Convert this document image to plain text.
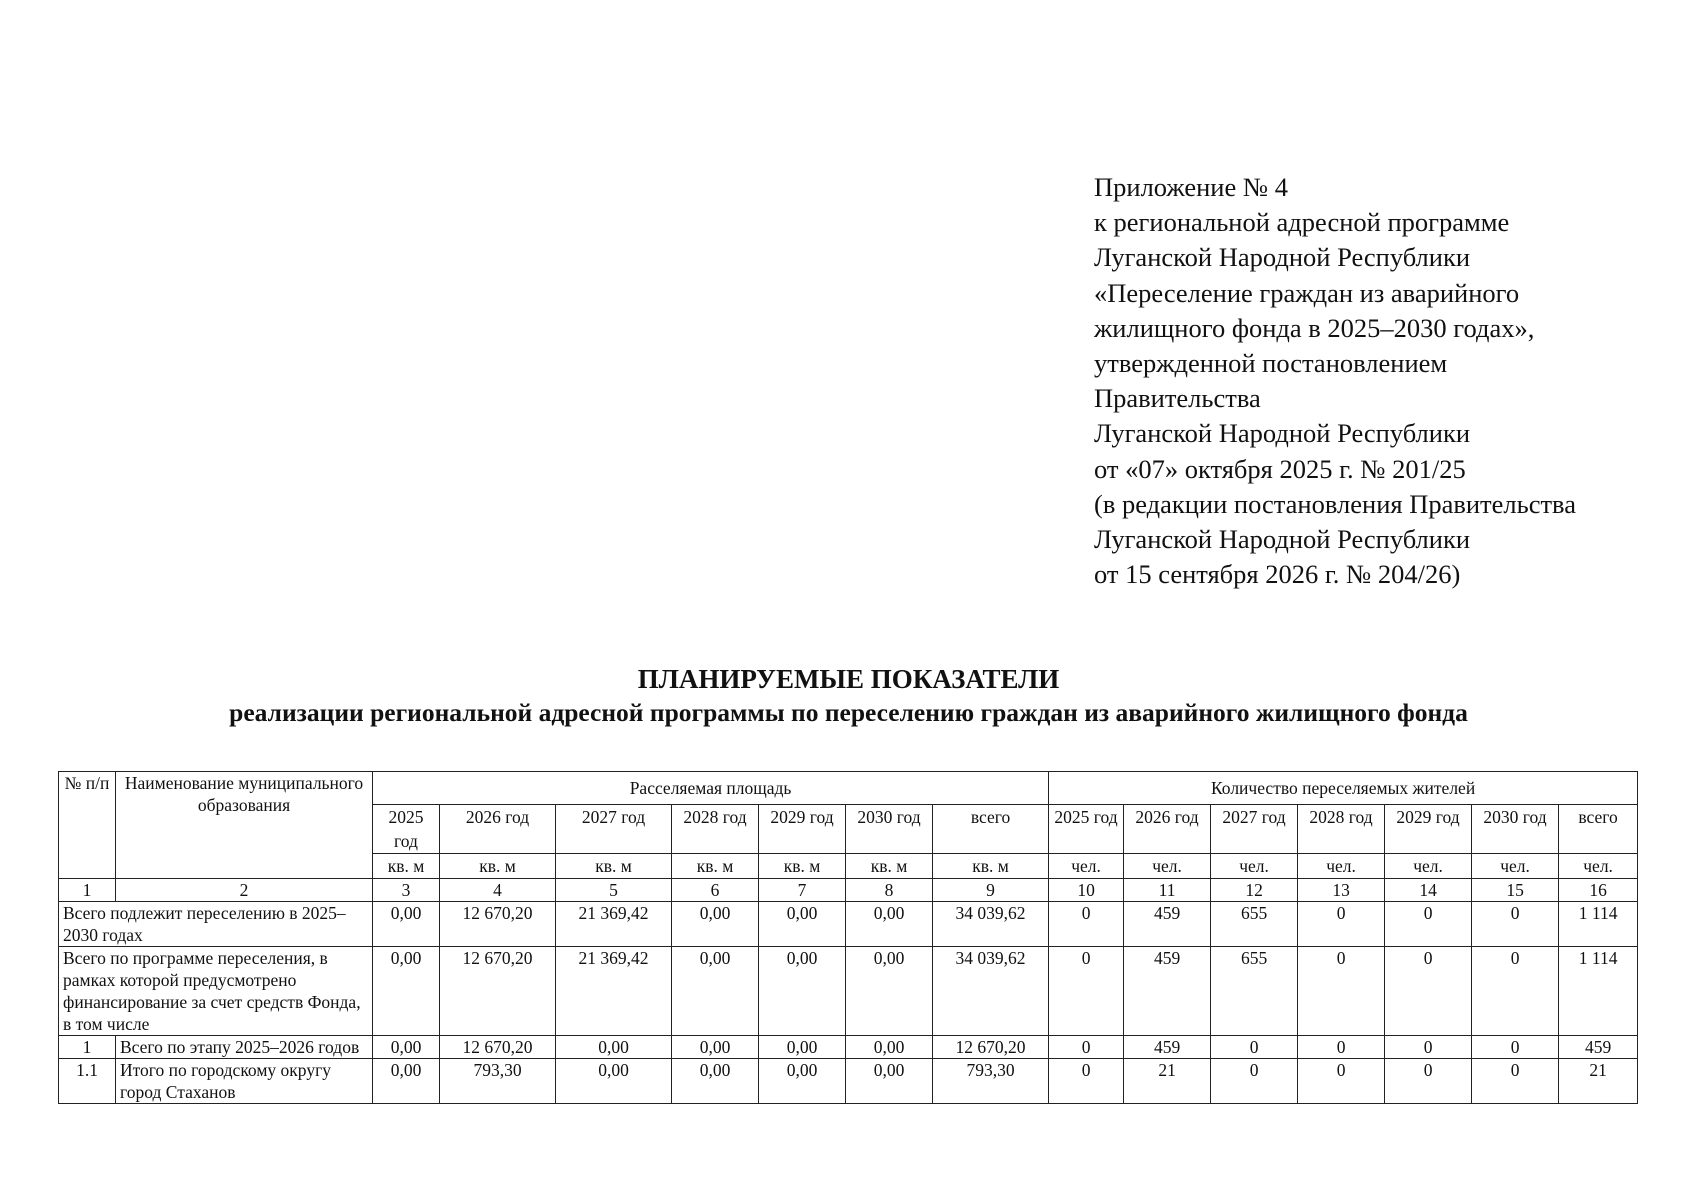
Приложение № 4
к региональной адресной программе
Луганской Народной Республики
«Переселение граждан из аварийного
жилищного фонда в 2025–2030 годах»,
утвержденной постановлением
Правительства
Луганской Народной Республики
от «07» октября 2025 г. № 201/25
(в редакции постановления Правительства
Луганской Народной Республики
от 15 сентября 2026 г. № 204/26)
ПЛАНИРУЕМЫЕ ПОКАЗАТЕЛИ
реализации региональной адресной программы по переселению граждан из аварийного жилищного фонда
№ п/п	Наименование муниципального образования	Расселяемая площадь							Количество переселяемых жителей						
		2025 год	2026 год	2027 год	2028 год	2029 год	2030 год	всего	2025 год	2026 год	2027 год	2028 год	2029 год	2030 год	всего
		кв. м	кв. м	кв. м	кв. м	кв. м	кв. м	кв. м	чел.	чел.	чел.	чел.	чел.	чел.	чел.
1	2	3	4	5	6	7	8	9	10	11	12	13	14	15	16
Всего подлежит переселению в 2025–2030 годах		0,00	12 670,20	21 369,42	0,00	0,00	0,00	34 039,62	0	459	655	0	0	0	1 114
Всего по программе переселения, в рамках которой предусмотрено финансирование за счет средств Фонда, в том числе		0,00	12 670,20	21 369,42	0,00	0,00	0,00	34 039,62	0	459	655	0	0	0	1 114
1	Всего по этапу 2025–2026 годов	0,00	12 670,20	0,00	0,00	0,00	0,00	12 670,20	0	459	0	0	0	0	459
1.1	Итого по городскому округу город Стаханов	0,00	793,30	0,00	0,00	0,00	0,00	793,30	0	21	0	0	0	0	21
